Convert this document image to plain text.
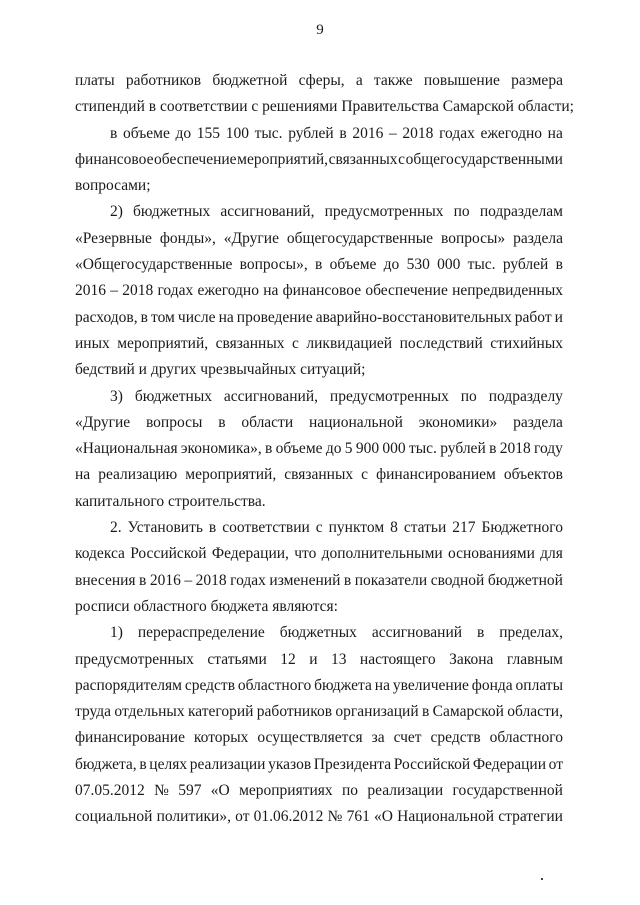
9
платы работников бюджетной сферы, а также повышение размера
стипендий в соответствии с решениями Правительства Самарской области;
в объеме до 155 100 тыс. рублей в 2016 – 2018 годах ежегодно на
финансовое обеспечение мероприятий, связанных с общегосударственными
вопросами;
2) бюджетных ассигнований, предусмотренных по подразделам
«Резервные фонды», «Другие общегосударственные вопросы» раздела
«Общегосударственные вопросы», в объеме до 530 000 тыс. рублей в
2016 – 2018 годах ежегодно на финансовое обеспечение непредвиденных
расходов, в том числе на проведение аварийно-восстановительных работ и
иных мероприятий, связанных с ликвидацией последствий стихийных
бедствий и других чрезвычайных ситуаций;
3) бюджетных ассигнований, предусмотренных по подразделу
«Другие вопросы в области национальной экономики» раздела
«Национальная экономика», в объеме до 5 900 000 тыс. рублей в 2018 году
на реализацию мероприятий, связанных с финансированием объектов
капитального строительства.
2. Установить в соответствии с пунктом 8 статьи 217 Бюджетного
кодекса Российской Федерации, что дополнительными основаниями для
внесения в 2016 – 2018 годах изменений в показатели сводной бюджетной
росписи областного бюджета являются:
1) перераспределение бюджетных ассигнований в пределах,
предусмотренных статьями 12 и 13 настоящего Закона главным
распорядителям средств областного бюджета на увеличение фонда оплаты
труда отдельных категорий работников организаций в Самарской области,
финансирование которых осуществляется за счет средств областного
бюджета, в целях реализации указов Президента Российской Федерации от
07.05.2012 № 597 «О мероприятиях по реализации государственной
социальной политики», от 01.06.2012 № 761 «О Национальной стратегии
